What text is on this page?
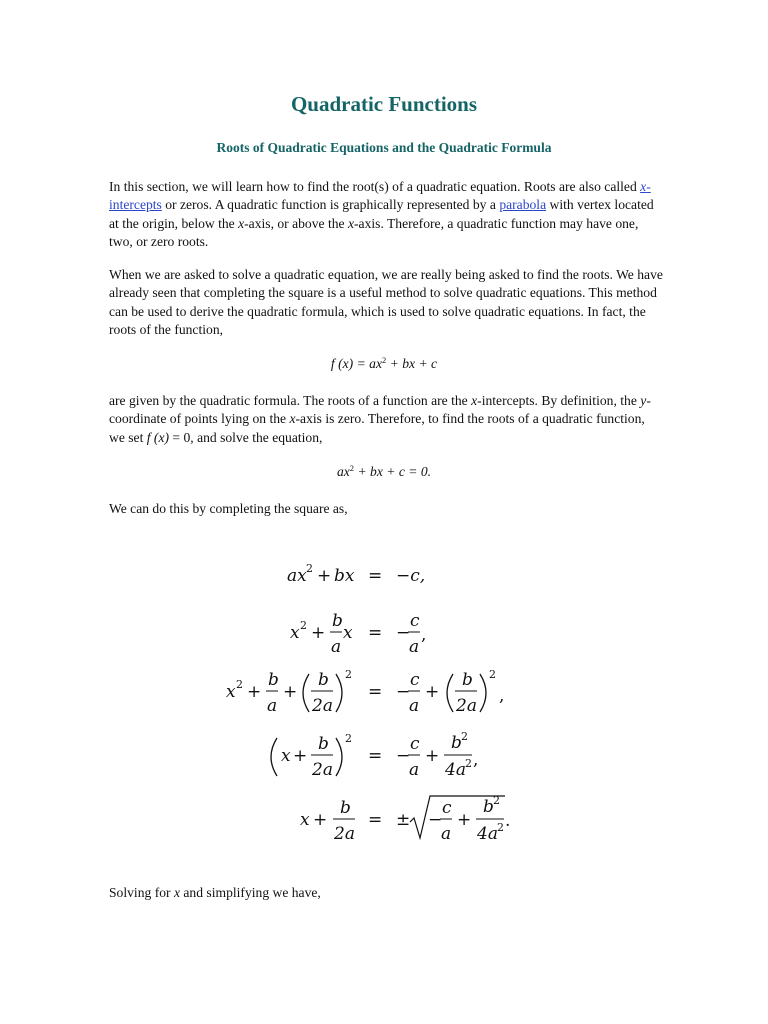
Quadratic Functions
Roots of Quadratic Equations and the Quadratic Formula

In this section, we will learn how to find the root(s) of a quadratic equation. Roots are also called x-intercepts or zeros. A quadratic function is graphically represented by a parabola with vertex located at the origin, below the x-axis, or above the x-axis. Therefore, a quadratic function may have one, two, or zero roots.

When we are asked to solve a quadratic equation, we are really being asked to find the roots. We have already seen that completing the square is a useful method to solve quadratic equations. This method can be used to derive the quadratic formula, which is used to solve quadratic equations. In fact, the roots of the function,

f $(x) = ax^2$ + bx + c

are given by the quadratic formula. The roots of a function are the x-intercepts. By definition, the y-coordinate of points lying on the x-axis is zero. Therefore, to find the roots of a quadratic function, we set f (x) = 0, and solve the equation,

$ax^2$ + bx + c = 0.

We can do this by completing the square as,

ax 2 + bx = −c,
x 2 +
b
a
x = −
c
a
,
x 2 +
b
a
+
b
2a
2
= −
c
a
+
b
2a
2
,
x +
b
2a
2
= −
c
a
+
b 2
4a 2 ,
x +
b
2a
= ± −
c
a
+
b 2
4a 2 .

Solving for x and simplifying we have,
